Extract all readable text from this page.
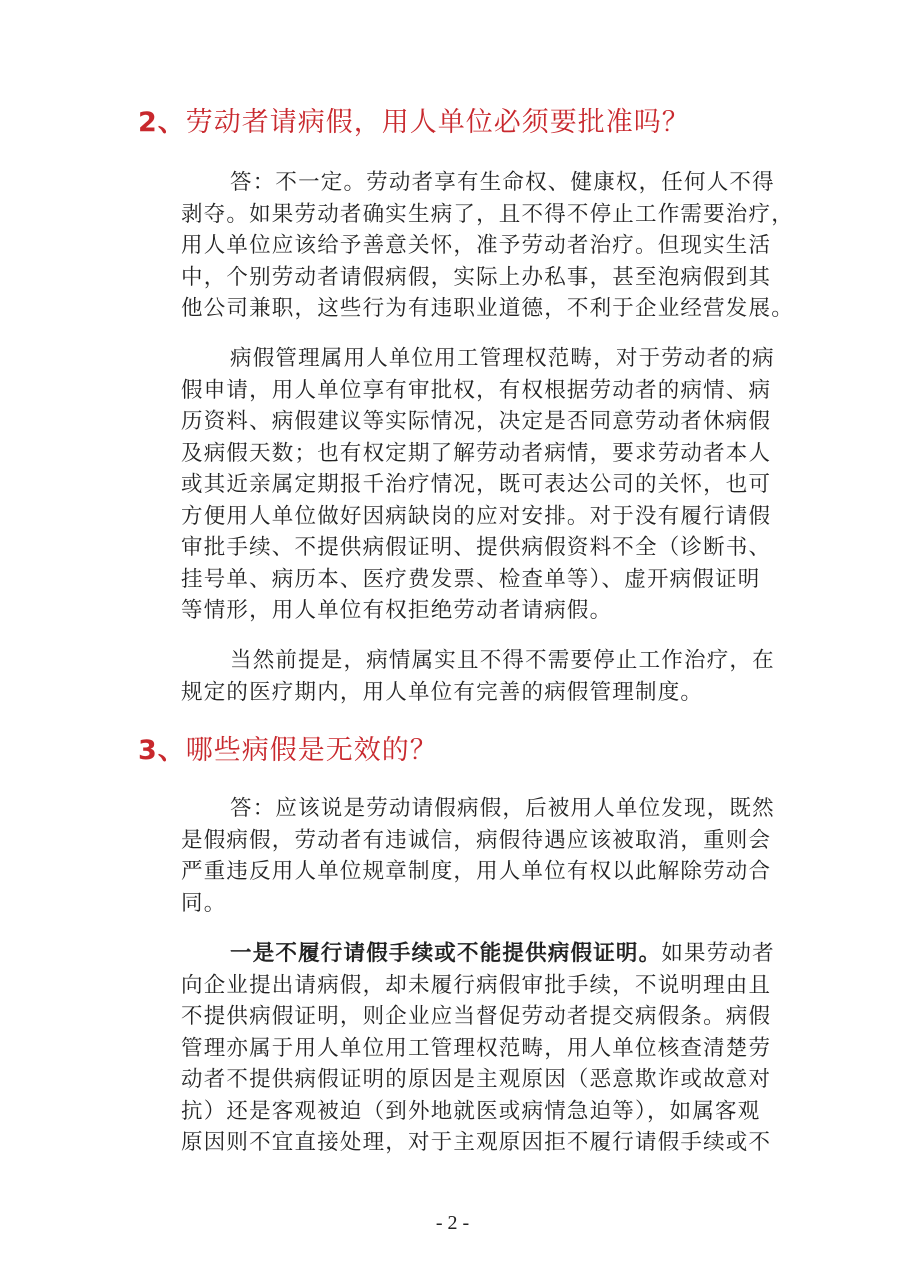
2、劳动者请病假，用人单位必须要批准吗？
答：不一定。劳动者享有生命权、健康权，任何人不得
剥夺。如果劳动者确实生病了，且不得不停止工作需要治疗，
用人单位应该给予善意关怀，准予劳动者治疗。但现实生活
中，个别劳动者请假病假，实际上办私事，甚至泡病假到其
他公司兼职，这些行为有违职业道德，不利于企业经营发展。
病假管理属用人单位用工管理权范畴，对于劳动者的病
假申请，用人单位享有审批权，有权根据劳动者的病情、病
历资料、病假建议等实际情况，决定是否同意劳动者休病假
及病假天数；也有权定期了解劳动者病情，要求劳动者本人
或其近亲属定期报千治疗情况，既可表达公司的关怀，也可
方便用人单位做好因病缺岗的应对安排。对于没有履行请假
审批手续、不提供病假证明、提供病假资料不全（诊断书、
挂号单、病历本、医疗费发票、检查单等）、虚开病假证明
等情形，用人单位有权拒绝劳动者请病假。
当然前提是，病情属实且不得不需要停止工作治疗，在
规定的医疗期内，用人单位有完善的病假管理制度。
3、哪些病假是无效的？
答：应该说是劳动请假病假，后被用人单位发现，既然
是假病假，劳动者有违诚信，病假待遇应该被取消，重则会
严重违反用人单位规章制度，用人单位有权以此解除劳动合
同。
一是不履行请假手续或不能提供病假证明。如果劳动者
向企业提出请病假，却未履行病假审批手续，不说明理由且
不提供病假证明，则企业应当督促劳动者提交病假条。病假
管理亦属于用人单位用工管理权范畴，用人单位核查清楚劳
动者不提供病假证明的原因是主观原因（恶意欺诈或故意对
抗）还是客观被迫（到外地就医或病情急迫等），如属客观
原因则不宜直接处理，对于主观原因拒不履行请假手续或不
- 2 -
